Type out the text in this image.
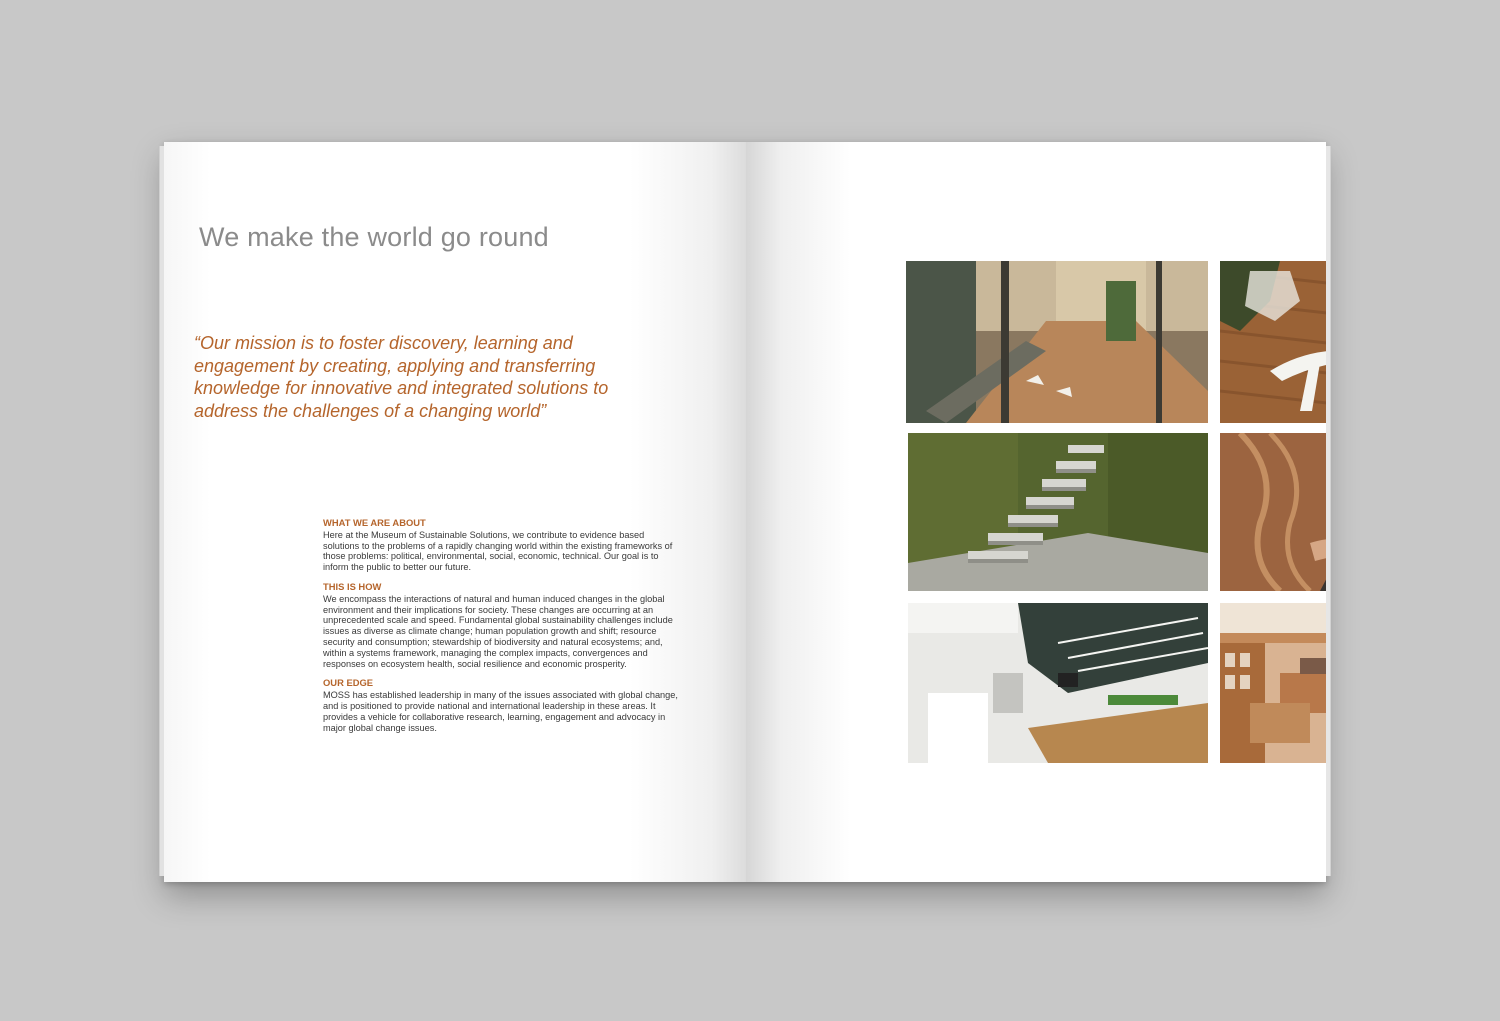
We make the world go round

“Our mission is to foster discovery, learning and engagement by creating, applying and transferring knowledge for innovative and integrated solutions to address the challenges of a changing world”

WHAT WE ARE ABOUT

Here at the Museum of Sustainable Solutions, we contribute to evidence based solutions to the problems of a rapidly changing world within the existing frameworks of those problems: political, environmental, social, economic, technical. Our goal is to inform the public to better our future.

THIS IS HOW

We encompass the interactions of natural and human induced changes in the global environment and their implications for society. These changes are occurring at an unprecedented scale and speed. Fundamental global sustainability challenges include issues as diverse as climate change; human population growth and shift; resource security and consumption; stewardship of biodiversity and natural ecosystems; and, within a systems framework, managing the complex impacts, convergences and responses on ecosystem health, social resilience and economic prosperity.

OUR EDGE

MOSS has established leadership in many of the issues associated with global change, and is positioned to provide national and international leadership in these areas. It provides a vehicle for collaborative research, learning, engagement and advocacy in major global change issues.
